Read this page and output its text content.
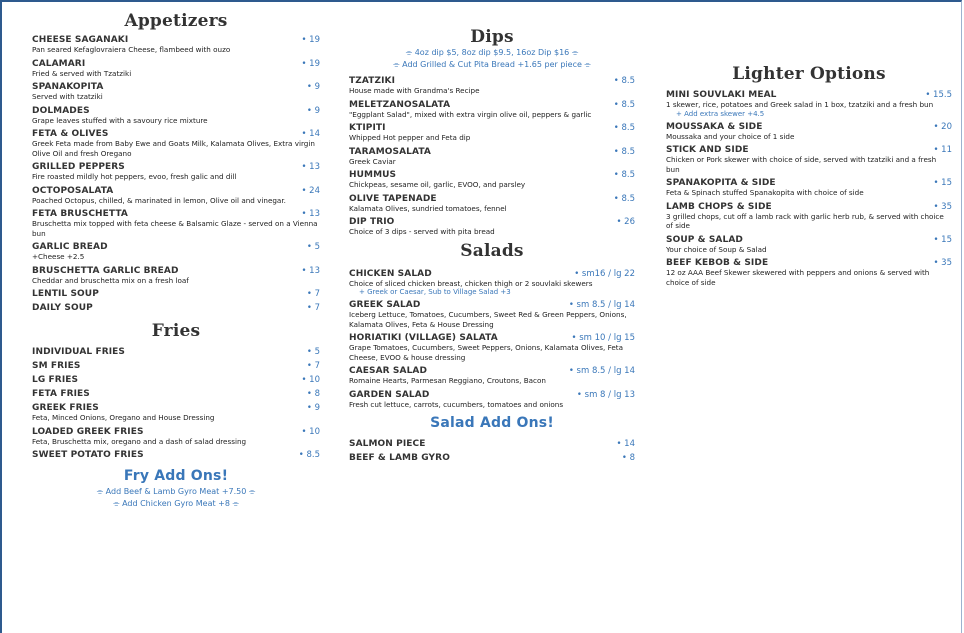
Appetizers
CHEESE SAGANAKI	• 19
Pan seared Kefaglovraiera Cheese, flambeed with ouzo
CALAMARI	• 19
Fried & served with Tzatziki
SPANAKOPITA	• 9
Served with tzatziki
DOLMADES	• 9
Grape leaves stuffed with a savoury rice mixture
FETA & OLIVES	• 14
Greek Feta made from Baby Ewe and Goats Milk, Kalamata Olives, Extra virgin Olive Oil and fresh Oregano
GRILLED PEPPERS	• 13
Fire roasted mildly hot peppers, evoo, fresh galic and dill
OCTOPOSALATA	• 24
Poached Octopus, chilled, & marinated in lemon, Olive oil and vinegar.
FETA BRUSCHETTA	• 13
Bruschetta mix topped with feta cheese & Balsamic Glaze - served on a Vienna bun
GARLIC BREAD	• 5
+Cheese +2.5
BRUSCHETTA GARLIC BREAD	• 13
Cheddar and bruschetta mix on a fresh loaf
LENTIL SOUP	• 7
DAILY SOUP	• 7
Fries
INDIVIDUAL FRIES	• 5
SM FRIES	• 7
LG FRIES	• 10
FETA FRIES	• 8
GREEK FRIES	• 9
Feta, Minced Onions, Oregano and House Dressing
LOADED GREEK FRIES	• 10
Feta, Bruschetta mix, oregano and a dash of salad dressing
SWEET POTATO FRIES	• 8.5
Fry Add Ons!
⌯ Add Beef & Lamb Gyro Meat +7.50 ⌯
⌯ Add Chicken Gyro Meat +8 ⌯
Dips
⌯ 4oz dip $5, 8oz dip $9.5, 16oz Dip $16 ⌯
⌯ Add Grilled & Cut Pita Bread +1.65 per piece ⌯
TZATZIKI	• 8.5
House made with Grandma's Recipe
MELETZANOSALATA	• 8.5
"Eggplant Salad", mixed with extra virgin olive oil, peppers & garlic
KTIPITI	• 8.5
Whipped Hot pepper and Feta dip
TARAMOSALATA	• 8.5
Greek Caviar
HUMMUS	• 8.5
Chickpeas, sesame oil, garlic, EVOO, and parsley
OLIVE TAPENADE	• 8.5
Kalamata Olives, sundried tomatoes, fennel
DIP TRIO	• 26
Choice of 3 dips - served with pita bread
Salads
CHICKEN SALAD	• sm16 / lg 22
Choice of sliced chicken breast, chicken thigh or 2 souvlaki skewers
+ Greek or Caesar, Sub to Village Salad +3
GREEK SALAD	• sm 8.5 / lg 14
Iceberg Lettuce, Tomatoes, Cucumbers, Sweet Red & Green Peppers, Onions, Kalamata Olives, Feta & House Dressing
HORIATIKI (VILLAGE) SALATA	• sm 10 / lg 15
Grape Tomatoes, Cucumbers, Sweet Peppers, Onions, Kalamata Olives, Feta Cheese, EVOO & house dressing
CAESAR SALAD	• sm 8.5 / lg 14
Romaine Hearts, Parmesan Reggiano, Croutons, Bacon
GARDEN SALAD	• sm 8 / lg 13
Fresh cut lettuce, carrots, cucumbers, tomatoes and onions
Salad Add Ons!
SALMON PIECE	• 14
BEEF & LAMB GYRO	• 8
Lighter Options
MINI SOUVLAKI MEAL	• 15.5
1 skewer, rice, potatoes and Greek salad in 1 box, tzatziki and a fresh bun
+ Add extra skewer +4.5
MOUSSAKA & SIDE	• 20
Moussaka and your choice of 1 side
STICK AND SIDE	• 11
Chicken or Pork skewer with choice of side, served with tzatziki and a fresh bun
SPANAKOPITA & SIDE	• 15
Feta & Spinach stuffed Spanakopita with choice of side
LAMB CHOPS & SIDE	• 35
3 grilled chops, cut off a lamb rack with garlic herb rub, & served with choice of side
SOUP & SALAD	• 15
Your choice of Soup & Salad
BEEF KEBOB & SIDE	• 35
12 oz AAA Beef Skewer skewered with peppers and onions & served with choice of side
